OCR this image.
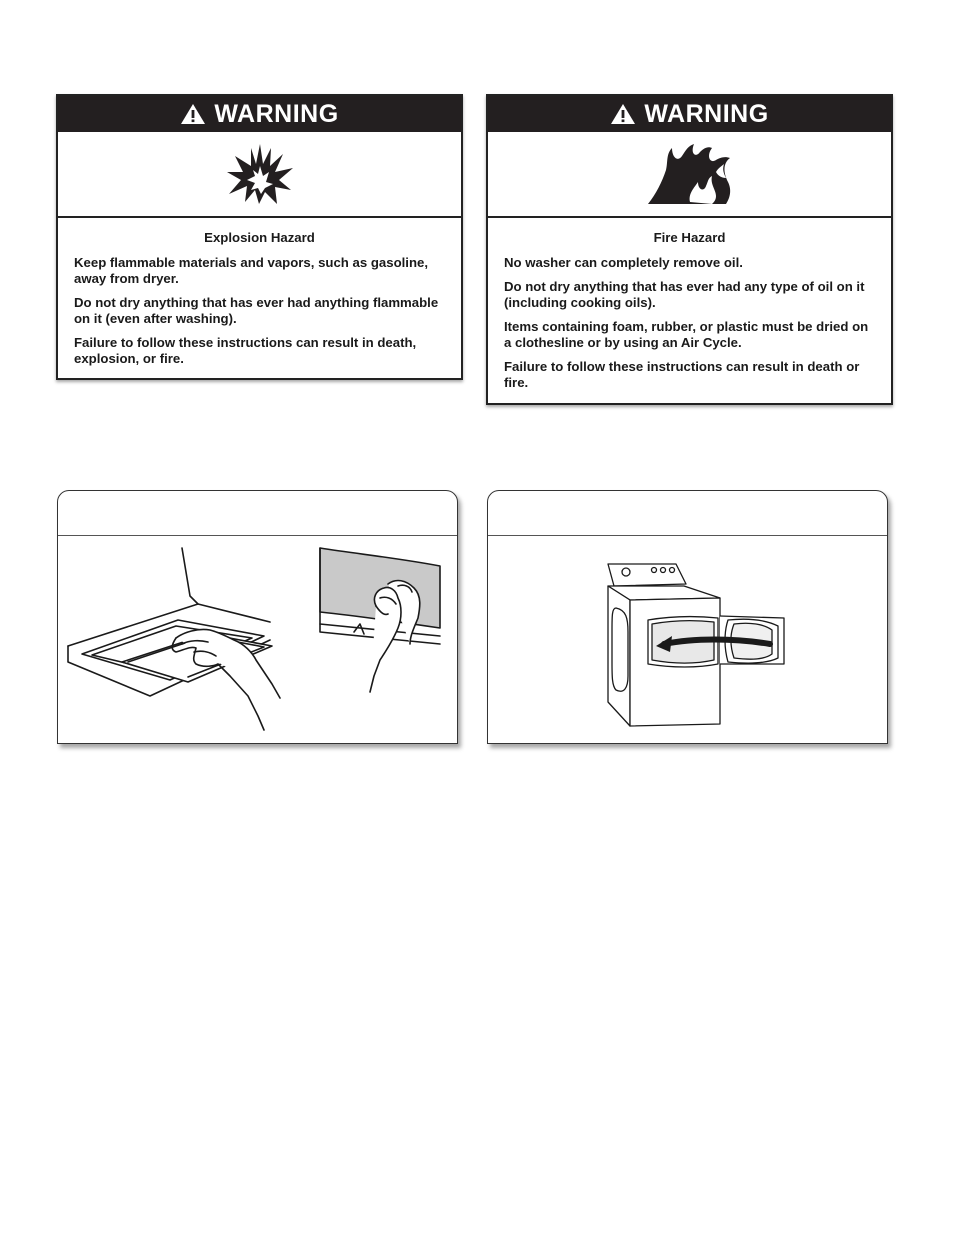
WARNING
Explosion Hazard

Keep flammable materials and vapors, such as gasoline, away from dryer.

Do not dry anything that has ever had anything flammable on it (even after washing).

Failure to follow these instructions can result in death, explosion, or fire.

WARNING
Fire Hazard

No washer can completely remove oil.

Do not dry anything that has ever had any type of oil on it (including cooking oils).

Items containing foam, rubber, or plastic must be dried on a clothesline or by using an Air Cycle.

Failure to follow these instructions can result in death or fire.
